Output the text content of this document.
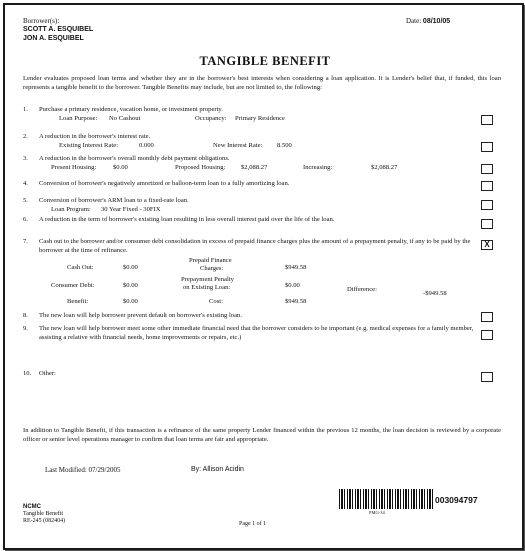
Borrower(s):
SCOTT A. ESQUIBEL
JON A. ESQUIBEL
Date: 08/10/05
TANGIBLE BENEFIT
Lender evaluates proposed loan terms and whether they are in the borrower's best interests when considering a loan application. It is Lender's belief that, if funded, this loan represents a tangible benefit to the borrower. Tangible Benefits may include, but are not limited to, the following:
1. Purchase a primary residence, vacation home, or investment property.
Loan Purpose: No Cashout	Occupancy: Primary Residence
2. A reduction in the borrower's interest rate.
Existing Interest Rate:	0.000	New Interest Rate: 8.500
3. A reduction in the borrower's overall monthly debt payment obligations.
Present Housing:	$0.00	Proposed Housing: $2,088.27	Increasing:	$2,088.27
4. Conversion of borrower's negatively amortized or balloon-term loan to a fully amortizing loan.
5. Conversion of borrower's ARM loan to a fixed-rate loan.
Loan Program: 30 Year Fixed - 30FIX
6. A reduction in the term of borrower's existing loan resulting in less overall interest paid over the life of the loan.
7. Cash out to the borrower and/or consumer debt consolidation in excess of prepaid finance charges plus the amount of a prepayment penalty, if any to be paid by the borrower at the time of refinance.
X
Cash Out:	$0.00
Prepaid Finance
Charges:	$949.58
Consumer Debt:	$0.00
Prepayment Penalty
on Existing Loan:	$0.00
Difference:
-$949.58
Benefit:	$0.00	Cost:	$949.58
8. The new loan will help borrower prevent default on borrower's existing loan.
9. The new loan will help borrower meet some other immediate financial need that the borrower considers to be important (e.g. medical expenses for a family member, assisting a relative with financial needs, home improvements or repairs, etc.)
10. Other:
In addition to Tangible Benefit, if this transaction is a refinance of the same property Lender financed within the previous 12 months, the loan decision is reviewed by a corporate officer or senior level operations manager to confirm that loan terms are fair and appropriate.
Last Modified: 07/29/2005	By: Allison Acidin
NCMC
Tangible Benefit
RE-245 (082404)	Page 1 of 1
PMG-34
003094797
